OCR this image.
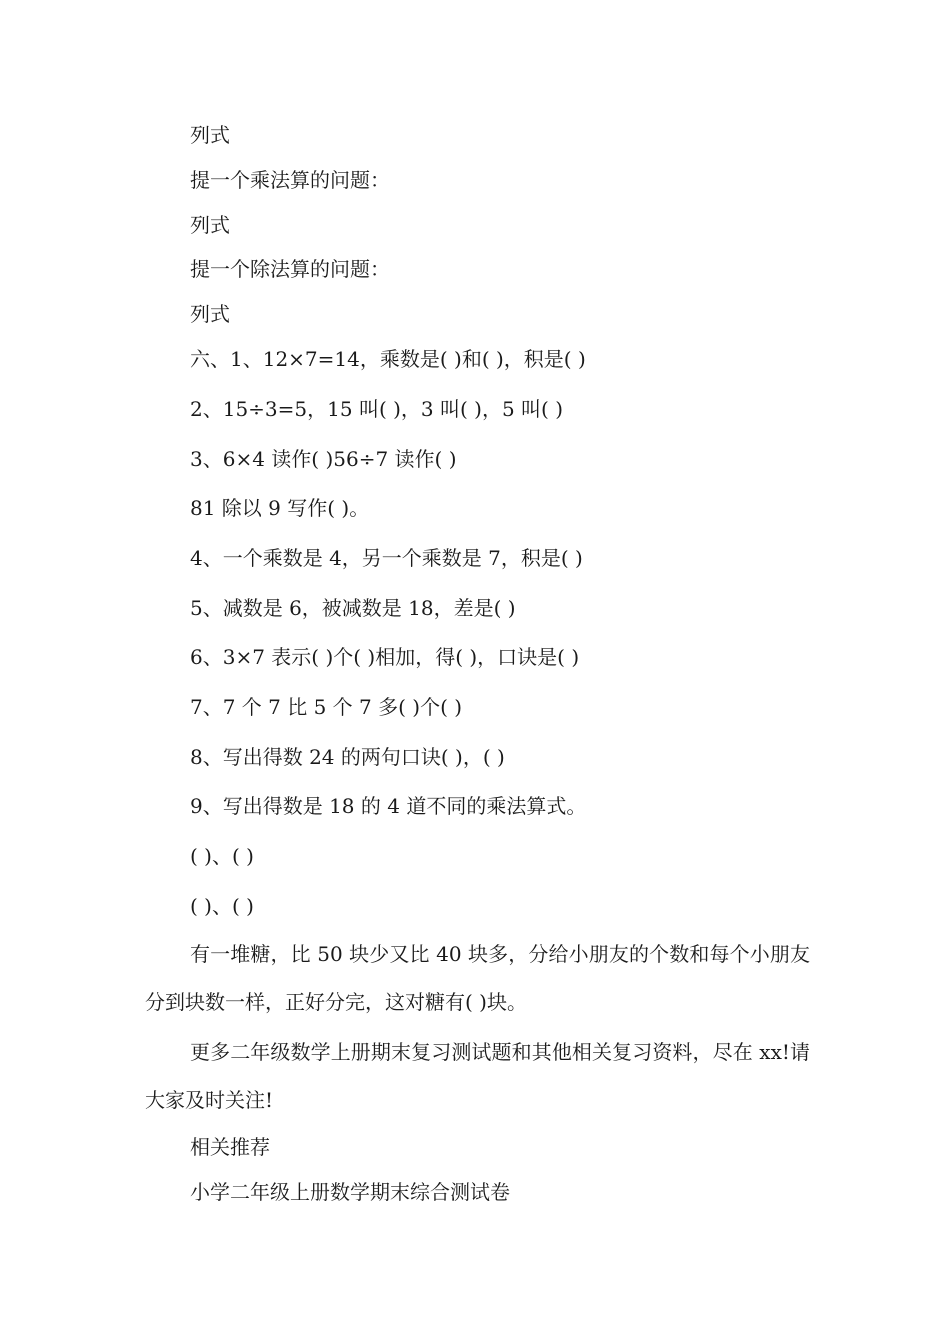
列式
提一个乘法算的问题：
列式
提一个除法算的问题：
列式
六、1、12×7=14，乘数是( )和( )，积是( )
2、15÷3=5，15 叫( )，3 叫( )，5 叫( )
3、6×4 读作( )56÷7 读作( )
81 除以 9 写作( )。
4、一个乘数是 4，另一个乘数是 7，积是( )
5、减数是 6，被减数是 18，差是( )
6、3×7 表示( )个( )相加，得( )，口诀是( )
7、7 个 7 比 5 个 7 多( )个( )
8、写出得数 24 的两句口诀( )，( )
9、写出得数是 18 的 4 道不同的乘法算式。
( )、( )
( )、( )
有一堆糖，比 50 块少又比 40 块多，分给小朋友的个数和每个小朋友分到块数一样，正好分完，这对糖有( )块。
更多二年级数学上册期末复习测试题和其他相关复习资料，尽在 xx!请大家及时关注!
相关推荐
小学二年级上册数学期末综合测试卷
